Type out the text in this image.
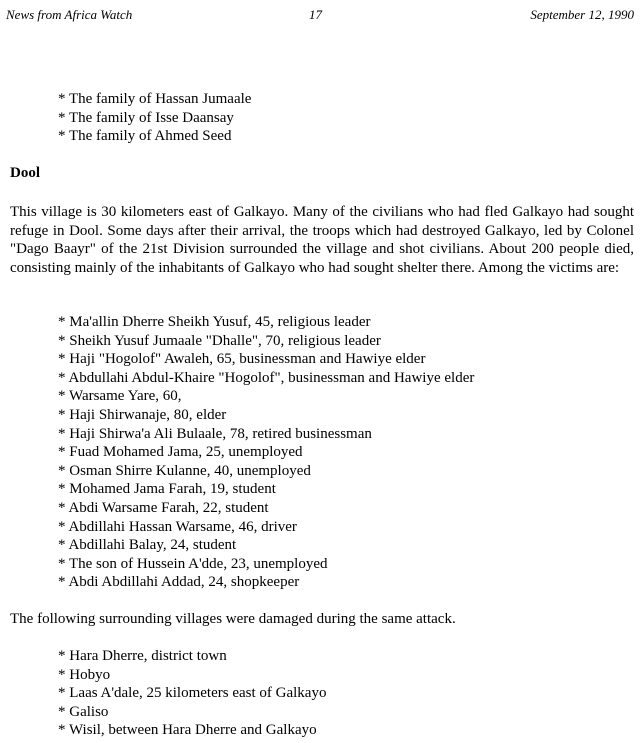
News from Africa Watch	17	September 12, 1990
* The family of Hassan Jumaale
* The family of Isse Daansay
* The family of Ahmed Seed
Dool

This village is 30 kilometers east of Galkayo. Many of the civilians who had fled Galkayo had sought refuge in Dool. Some days after their arrival, the troops which had destroyed Galkayo, led by Colonel "Dago Baayr" of the 21st Division surrounded the village and shot civilians. About 200 people died, consisting mainly of the inhabitants of Galkayo who had sought shelter there. Among the victims are:

* Ma'allin Dherre Sheikh Yusuf, 45, religious leader
* Sheikh Yusuf Jumaale "Dhalle", 70, religious leader
* Haji "Hogolof" Awaleh, 65, businessman and Hawiye elder
* Abdullahi Abdul-Khaire "Hogolof", businessman and Hawiye elder
* Warsame Yare, 60,
* Haji Shirwanaje, 80, elder
* Haji Shirwa'a Ali Bulaale, 78, retired businessman
* Fuad Mohamed Jama, 25, unemployed
* Osman Shirre Kulanne, 40, unemployed
* Mohamed Jama Farah, 19, student
* Abdi Warsame Farah, 22, student
* Abdillahi Hassan Warsame, 46, driver
* Abdillahi Balay, 24, student
* The son of Hussein A'dde, 23, unemployed
* Abdi Abdillahi Addad, 24, shopkeeper

The following surrounding villages were damaged during the same attack.

* Hara Dherre, district town
* Hobyo
* Laas A'dale, 25 kilometers east of Galkayo
* Galiso
* Wisil, between Hara Dherre and Galkayo
